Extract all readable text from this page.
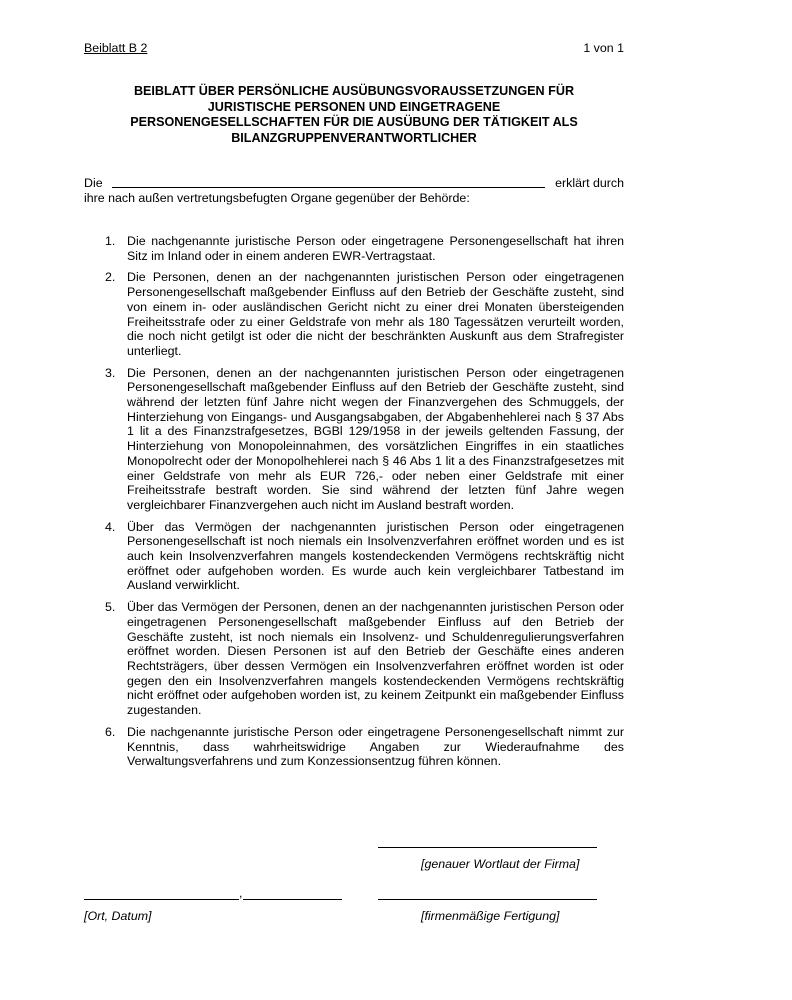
Beiblatt B 2	1 von 1
BEIBLATT ÜBER PERSÖNLICHE AUSÜBUNGSVORAUSSETZUNGEN FÜR
JURISTISCHE PERSONEN UND EINGETRAGENE
PERSONENGESELLSCHAFTEN FÜR DIE AUSÜBUNG DER TÄTIGKEIT ALS
BILANZGRUPPENVERANTWORTLICHER
Die	erklärt durch
ihre nach außen vertretungsbefugten Organe gegenüber der Behörde:
1. Die nachgenannte juristische Person oder eingetragene Personengesellschaft hat ihren Sitz im Inland oder in einem anderen EWR-Vertragstaat.
2. Die Personen, denen an der nachgenannten juristischen Person oder eingetragenen Personengesellschaft maßgebender Einfluss auf den Betrieb der Geschäfte zusteht, sind von einem in- oder ausländischen Gericht nicht zu einer drei Monaten übersteigenden Freiheitsstrafe oder zu einer Geldstrafe von mehr als 180 Tagessätzen verurteilt worden, die noch nicht getilgt ist oder die nicht der beschränkten Auskunft aus dem Strafregister unterliegt.
3. Die Personen, denen an der nachgenannten juristischen Person oder eingetragenen Personengesellschaft maßgebender Einfluss auf den Betrieb der Geschäfte zusteht, sind während der letzten fünf Jahre nicht wegen der Finanzvergehen des Schmuggels, der Hinterziehung von Eingangs- und Ausgangsabgaben, der Abgabenhehlerei nach § 37 Abs 1 lit a des Finanzstrafgesetzes, BGBl 129/1958 in der jeweils geltenden Fassung, der Hinterziehung von Monopoleinnahmen, des vorsätzlichen Eingriffes in ein staatliches Monopolrecht oder der Monopolhehlerei nach § 46 Abs 1 lit a des Finanzstrafgesetzes mit einer Geldstrafe von mehr als EUR 726,- oder neben einer Geldstrafe mit einer Freiheitsstrafe bestraft worden. Sie sind während der letzten fünf Jahre wegen vergleichbarer Finanzvergehen auch nicht im Ausland bestraft worden.
4. Über das Vermögen der nachgenannten juristischen Person oder eingetragenen Personengesellschaft ist noch niemals ein Insolvenzverfahren eröffnet worden und es ist auch kein Insolvenzverfahren mangels kostendeckenden Vermögens rechtskräftig nicht eröffnet oder aufgehoben worden. Es wurde auch kein vergleichbarer Tatbestand im Ausland verwirklicht.
5. Über das Vermögen der Personen, denen an der nachgenannten juristischen Person oder eingetragenen Personengesellschaft maßgebender Einfluss auf den Betrieb der Geschäfte zusteht, ist noch niemals ein Insolvenz- und Schuldenregulierungsverfahren eröffnet worden. Diesen Personen ist auf den Betrieb der Geschäfte eines anderen Rechtsträgers, über dessen Vermögen ein Insolvenzverfahren eröffnet worden ist oder gegen den ein Insolvenzverfahren mangels kostendeckenden Vermögens rechtskräftig nicht eröffnet oder aufgehoben worden ist, zu keinem Zeitpunkt ein maßgebender Einfluss zugestanden.
6. Die nachgenannte juristische Person oder eingetragene Personengesellschaft nimmt zur Kenntnis, dass wahrheitswidrige Angaben zur Wiederaufnahme des Verwaltungsverfahrens und zum Konzessionsentzug führen können.
[genauer Wortlaut der Firma]
,
[Ort, Datum]	[firmenmäßige Fertigung]
